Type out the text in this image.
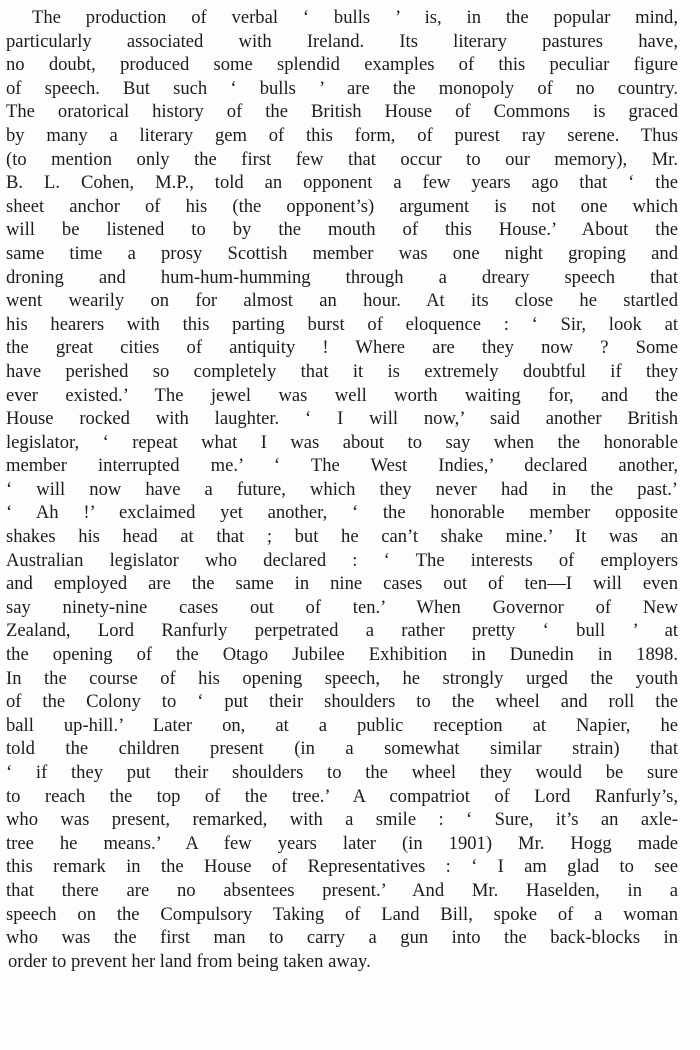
The production of verbal ‘ bulls ’ is, in the popular mind,
particularly associated with Ireland. Its literary pastures have,
no doubt, produced some splendid examples of this peculiar figure
of speech. But such ‘ bulls ’ are the monopoly of no country.
The oratorical history of the British House of Commons is graced
by many a literary gem of this form, of purest ray serene. Thus
(to mention only the first few that occur to our memory), Mr.
B. L. Cohen, M.P., told an opponent a few years ago that ‘ the
sheet anchor of his (the opponent’s) argument is not one which
will be listened to by the mouth of this House.’ About the
same time a prosy Scottish member was one night groping and
droning and hum-hum-humming through a dreary speech that
went wearily on for almost an hour. At its close he startled
his hearers with this parting burst of eloquence : ‘ Sir, look at
the great cities of antiquity ! Where are they now ? Some
have perished so completely that it is extremely doubtful if they
ever existed.’ The jewel was well worth waiting for, and the
House rocked with laughter. ‘ I will now,’ said another British
legislator, ‘ repeat what I was about to say when the honorable
member interrupted me.’ ‘ The West Indies,’ declared another,
‘ will now have a future, which they never had in the past.’
‘ Ah !’ exclaimed yet another, ‘ the honorable member opposite
shakes his head at that ; but he can’t shake mine.’ It was an
Australian legislator who declared : ‘ The interests of employers
and employed are the same in nine cases out of ten—I will even
say ninety-nine cases out of ten.’ When Governor of New
Zealand, Lord Ranfurly perpetrated a rather pretty ‘ bull ’ at
the opening of the Otago Jubilee Exhibition in Dunedin in 1898.
In the course of his opening speech, he strongly urged the youth
of the Colony to ‘ put their shoulders to the wheel and roll the
ball up-hill.’ Later on, at a public reception at Napier, he
told the children present (in a somewhat similar strain) that
‘ if they put their shoulders to the wheel they would be sure
to reach the top of the tree.’ A compatriot of Lord Ranfurly’s,
who was present, remarked, with a smile : ‘ Sure, it’s an axle-
tree he means.’ A few years later (in 1901) Mr. Hogg made
this remark in the House of Representatives : ‘ I am glad to see
that there are no absentees present.’ And Mr. Haselden, in a
speech on the Compulsory Taking of Land Bill, spoke of a woman
who was the first man to carry a gun into the back-blocks in
order to prevent her land from being taken away.
